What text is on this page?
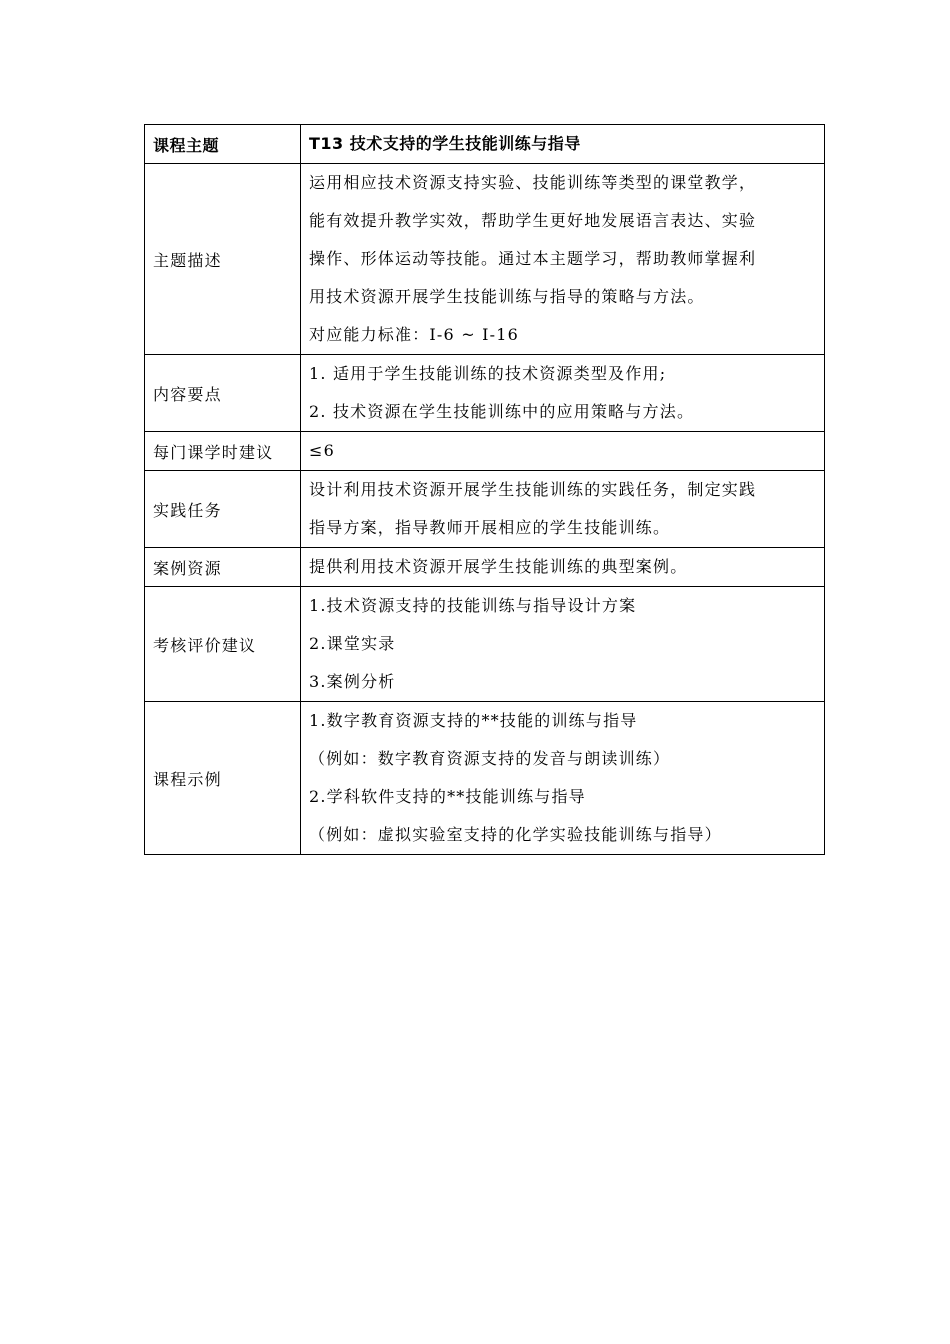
课程主题	T13 技术支持的学生技能训练与指导
主题描述	运用相应技术资源支持实验、技能训练等类型的课堂教学，
能有效提升教学实效，帮助学生更好地发展语言表达、实验
操作、形体运动等技能。通过本主题学习，帮助教师掌握利
用技术资源开展学生技能训练与指导的策略与方法。
对应能力标准：I-6 ~ I-16

内容要点	1. 适用于学生技能训练的技术资源类型及作用;
2. 技术资源在学生技能训练中的应用策略与方法。

每门课学时建议	≤6

实践任务	设计利用技术资源开展学生技能训练的实践任务，制定实践
指导方案，指导教师开展相应的学生技能训练。

案例资源	提供利用技术资源开展学生技能训练的典型案例。

考核评价建议	1.技术资源支持的技能训练与指导设计方案
2.课堂实录
3.案例分析

课程示例	1.数字教育资源支持的**技能的训练与指导
（例如：数字教育资源支持的发音与朗读训练）
2.学科软件支持的**技能训练与指导
（例如：虚拟实验室支持的化学实验技能训练与指导）
